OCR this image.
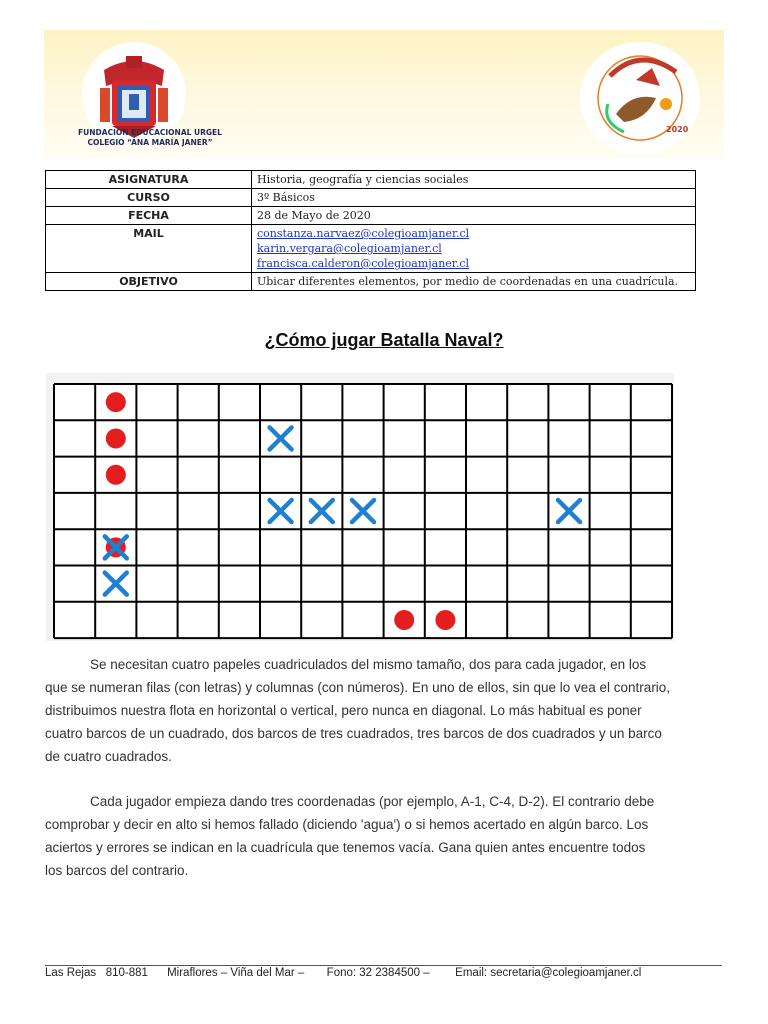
FUNDACIÓN EDUCACIONAL URGEL
COLEGIO “ANA MARÍA JANER”
2020
ASIGNATURA	Historia, geografía y ciencias sociales
CURSO	3º Básicos
FECHA	28 de Mayo de 2020
MAIL	constanza.narvaez@colegioamjaner.cl
karin.vergara@colegioamjaner.cl
francisca.calderon@colegioamjaner.cl
OBJETIVO	Ubicar diferentes elementos, por medio de coordenadas en una cuadrícula.
¿Cómo jugar Batalla Naval?
Se necesitan cuatro papeles cuadriculados del mismo tamaño, dos para cada jugador, en los
que se numeran filas (con letras) y columnas (con números). En uno de ellos, sin que lo vea el contrario,
distribuimos nuestra flota en horizontal o vertical, pero nunca en diagonal. Lo más habitual es poner
cuatro barcos de un cuadrado, dos barcos de tres cuadrados, tres barcos de dos cuadrados y un barco
de cuatro cuadrados.
Cada jugador empieza dando tres coordenadas (por ejemplo, A-1, C-4, D-2). El contrario debe
comprobar y decir en alto si hemos fallado (diciendo 'agua') o si hemos acertado en algún barco. Los
aciertos y errores se indican en la cuadrícula que tenemos vacía. Gana quien antes encuentre todos
los barcos del contrario.
Las Rejas   810-881      Miraflores – Viña del Mar –       Fono: 32 2384500 –        Email: secretaria@colegioamjaner.cl
